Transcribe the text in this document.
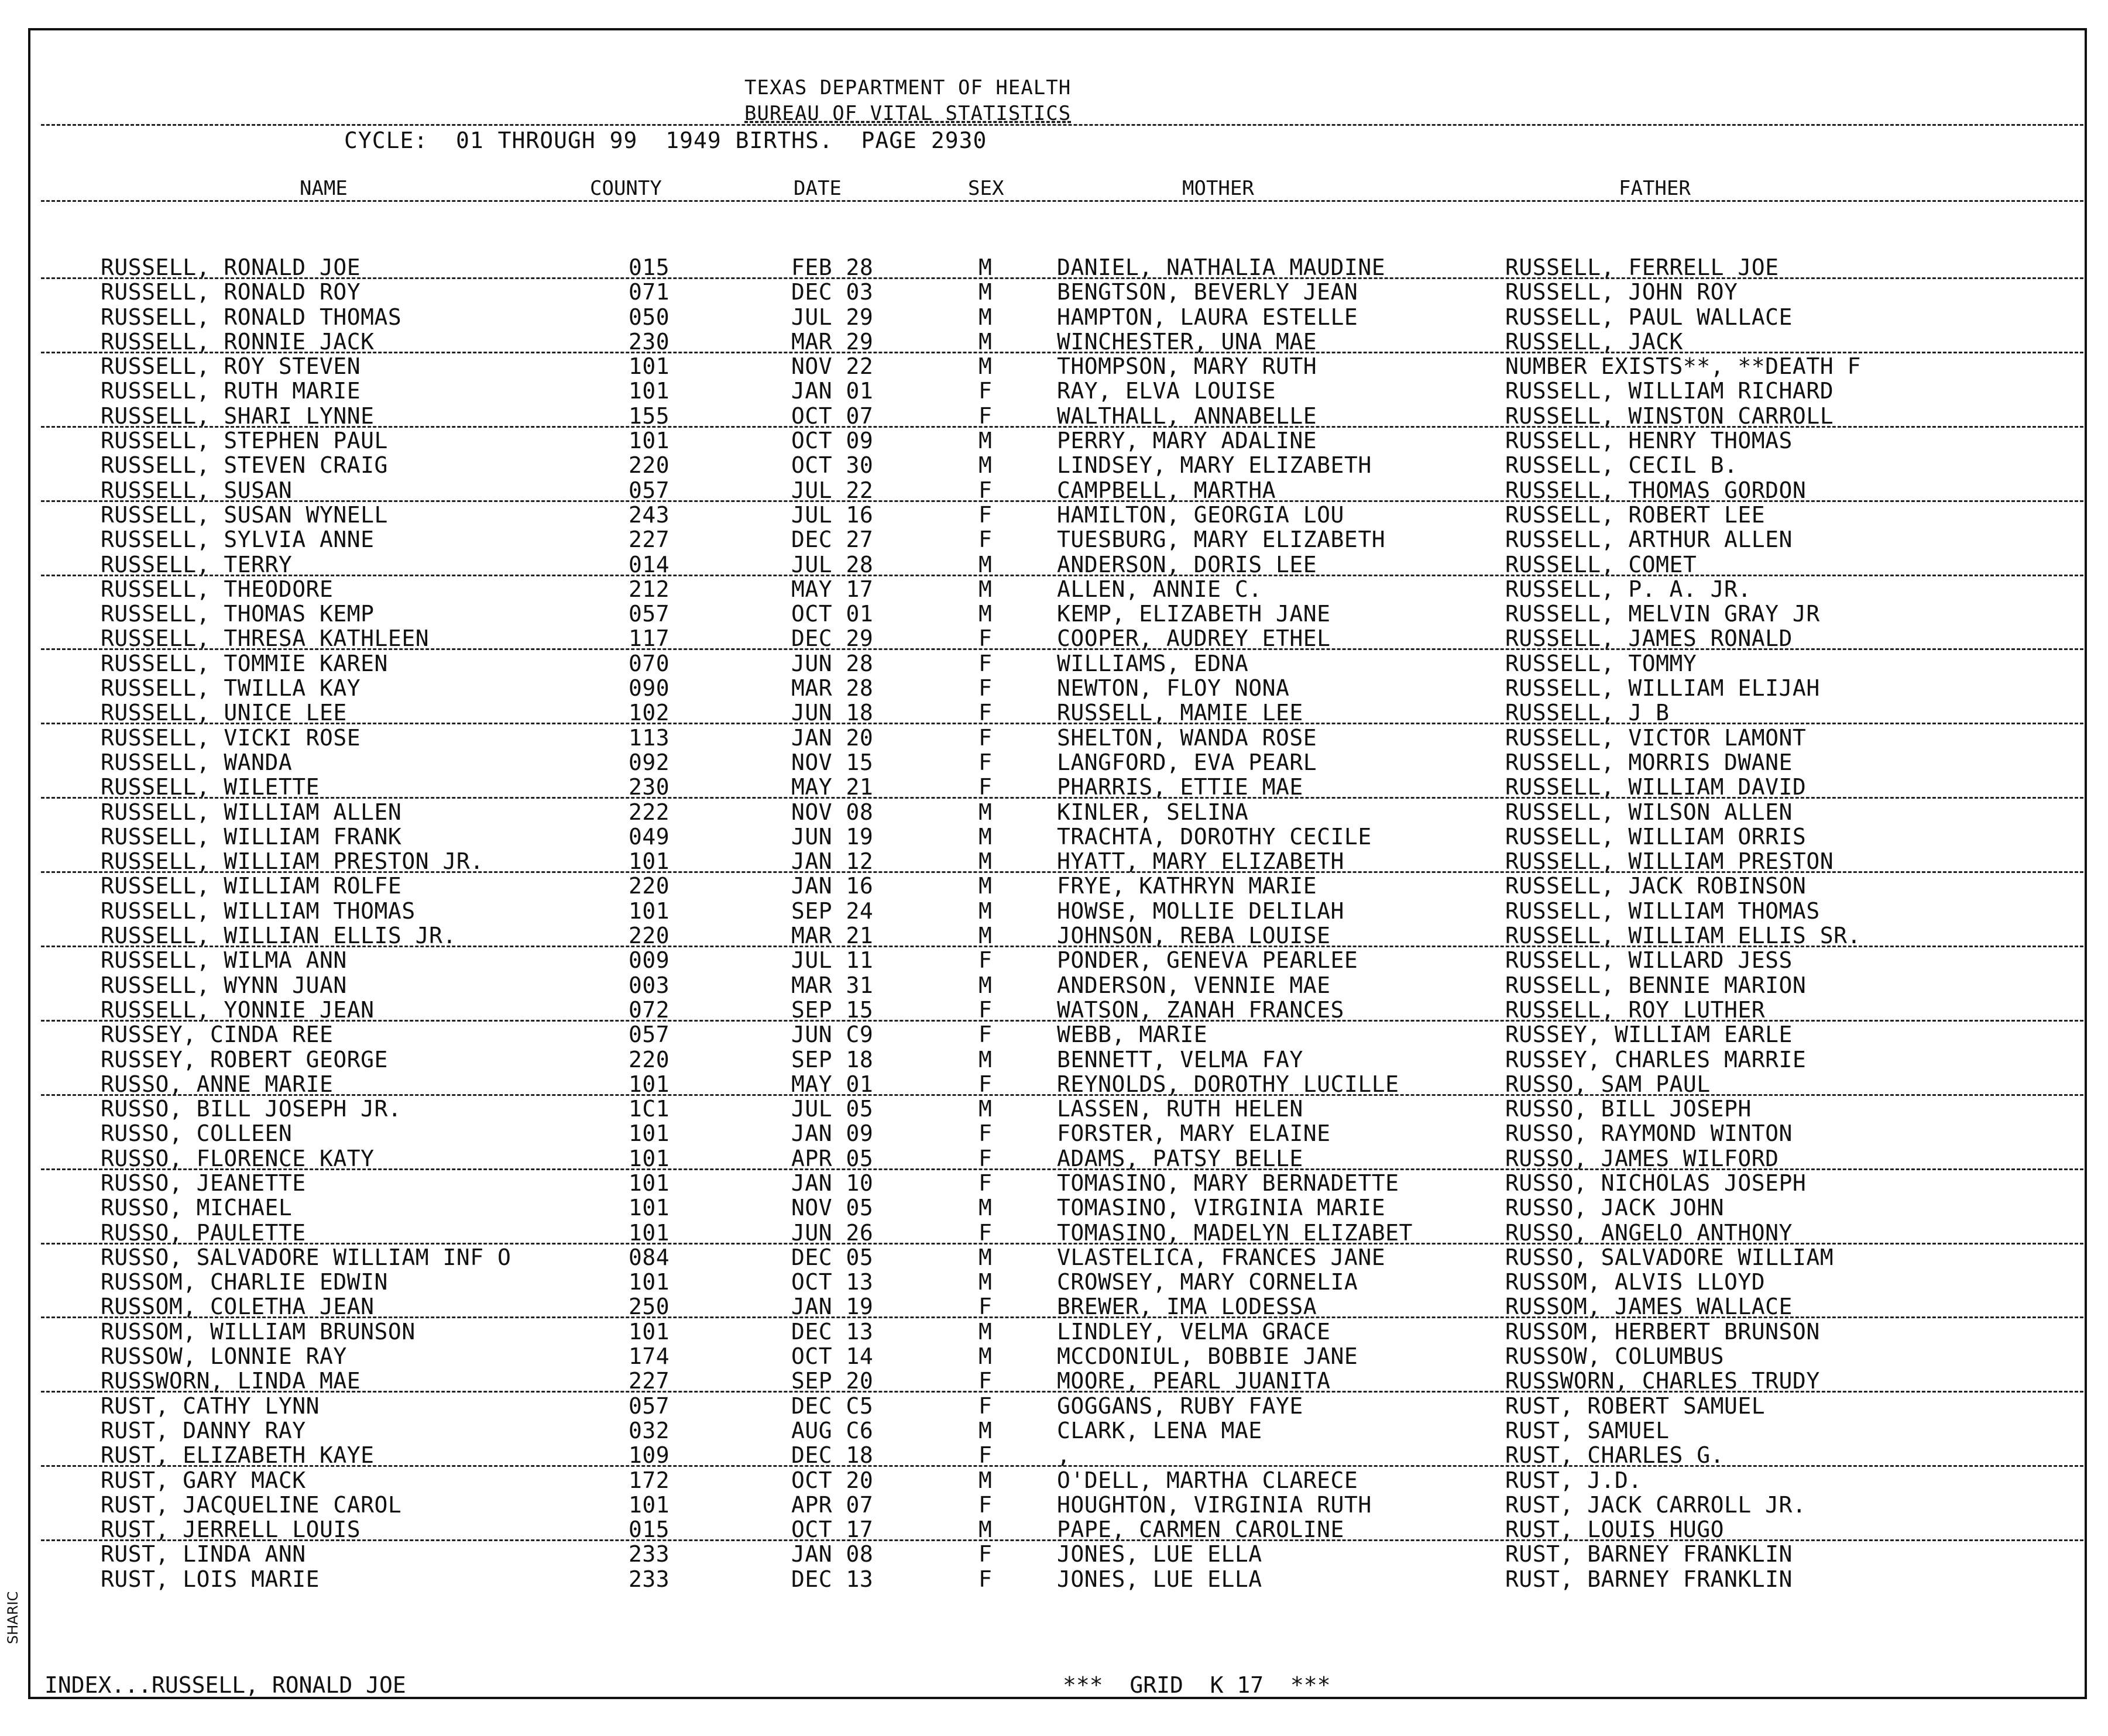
TEXAS DEPARTMENT OF HEALTH
BUREAU OF VITAL STATISTICS
CYCLE:  01 THROUGH 99  1949 BIRTHS.  PAGE 2930
NAME	COUNTY	DATE	SEX	MOTHER	FATHER
RUSSELL, RONALD JOE	015	FEB 28	M	DANIEL, NATHALIA MAUDINE	RUSSELL, FERRELL JOE
RUSSELL, RONALD ROY	071	DEC 03	M	BENGTSON, BEVERLY JEAN	RUSSELL, JOHN ROY
RUSSELL, RONALD THOMAS	050	JUL 29	M	HAMPTON, LAURA ESTELLE	RUSSELL, PAUL WALLACE
RUSSELL, RONNIE JACK	230	MAR 29	M	WINCHESTER, UNA MAE	RUSSELL, JACK
RUSSELL, ROY STEVEN	101	NOV 22	M	THOMPSON, MARY RUTH	NUMBER EXISTS**, **DEATH F
RUSSELL, RUTH MARIE	101	JAN 01	F	RAY, ELVA LOUISE	RUSSELL, WILLIAM RICHARD
RUSSELL, SHARI LYNNE	155	OCT 07	F	WALTHALL, ANNABELLE	RUSSELL, WINSTON CARROLL
RUSSELL, STEPHEN PAUL	101	OCT 09	M	PERRY, MARY ADALINE	RUSSELL, HENRY THOMAS
RUSSELL, STEVEN CRAIG	220	OCT 30	M	LINDSEY, MARY ELIZABETH	RUSSELL, CECIL B.
RUSSELL, SUSAN	057	JUL 22	F	CAMPBELL, MARTHA	RUSSELL, THOMAS GORDON
RUSSELL, SUSAN WYNELL	243	JUL 16	F	HAMILTON, GEORGIA LOU	RUSSELL, ROBERT LEE
RUSSELL, SYLVIA ANNE	227	DEC 27	F	TUESBURG, MARY ELIZABETH	RUSSELL, ARTHUR ALLEN
RUSSELL, TERRY	014	JUL 28	M	ANDERSON, DORIS LEE	RUSSELL, COMET
RUSSELL, THEODORE	212	MAY 17	M	ALLEN, ANNIE C.	RUSSELL, P. A. JR.
RUSSELL, THOMAS KEMP	057	OCT 01	M	KEMP, ELIZABETH JANE	RUSSELL, MELVIN GRAY JR
RUSSELL, THRESA KATHLEEN	117	DEC 29	F	COOPER, AUDREY ETHEL	RUSSELL, JAMES RONALD
RUSSELL, TOMMIE KAREN	070	JUN 28	F	WILLIAMS, EDNA	RUSSELL, TOMMY
RUSSELL, TWILLA KAY	090	MAR 28	F	NEWTON, FLOY NONA	RUSSELL, WILLIAM ELIJAH
RUSSELL, UNICE LEE	102	JUN 18	F	RUSSELL, MAMIE LEE	RUSSELL, J B
RUSSELL, VICKI ROSE	113	JAN 20	F	SHELTON, WANDA ROSE	RUSSELL, VICTOR LAMONT
RUSSELL, WANDA	092	NOV 15	F	LANGFORD, EVA PEARL	RUSSELL, MORRIS DWANE
RUSSELL, WILETTE	230	MAY 21	F	PHARRIS, ETTIE MAE	RUSSELL, WILLIAM DAVID
RUSSELL, WILLIAM ALLEN	222	NOV 08	M	KINLER, SELINA	RUSSELL, WILSON ALLEN
RUSSELL, WILLIAM FRANK	049	JUN 19	M	TRACHTA, DOROTHY CECILE	RUSSELL, WILLIAM ORRIS
RUSSELL, WILLIAM PRESTON JR.	101	JAN 12	M	HYATT, MARY ELIZABETH	RUSSELL, WILLIAM PRESTON
RUSSELL, WILLIAM ROLFE	220	JAN 16	M	FRYE, KATHRYN MARIE	RUSSELL, JACK ROBINSON
RUSSELL, WILLIAM THOMAS	101	SEP 24	M	HOWSE, MOLLIE DELILAH	RUSSELL, WILLIAM THOMAS
RUSSELL, WILLIAN ELLIS JR.	220	MAR 21	M	JOHNSON, REBA LOUISE	RUSSELL, WILLIAM ELLIS SR.
RUSSELL, WILMA ANN	009	JUL 11	F	PONDER, GENEVA PEARLEE	RUSSELL, WILLARD JESS
RUSSELL, WYNN JUAN	003	MAR 31	M	ANDERSON, VENNIE MAE	RUSSELL, BENNIE MARION
RUSSELL, YONNIE JEAN	072	SEP 15	F	WATSON, ZANAH FRANCES	RUSSELL, ROY LUTHER
RUSSEY, CINDA REE	057	JUN C9	F	WEBB, MARIE	RUSSEY, WILLIAM EARLE
RUSSEY, ROBERT GEORGE	220	SEP 18	M	BENNETT, VELMA FAY	RUSSEY, CHARLES MARRIE
RUSSO, ANNE MARIE	101	MAY 01	F	REYNOLDS, DOROTHY LUCILLE	RUSSO, SAM PAUL
RUSSO, BILL JOSEPH JR.	1C1	JUL 05	M	LASSEN, RUTH HELEN	RUSSO, BILL JOSEPH
RUSSO, COLLEEN	101	JAN 09	F	FORSTER, MARY ELAINE	RUSSO, RAYMOND WINTON
RUSSO, FLORENCE KATY	101	APR 05	F	ADAMS, PATSY BELLE	RUSSO, JAMES WILFORD
RUSSO, JEANETTE	101	JAN 10	F	TOMASINO, MARY BERNADETTE	RUSSO, NICHOLAS JOSEPH
RUSSO, MICHAEL	101	NOV 05	M	TOMASINO, VIRGINIA MARIE	RUSSO, JACK JOHN
RUSSO, PAULETTE	101	JUN 26	F	TOMASINO, MADELYN ELIZABET	RUSSO, ANGELO ANTHONY
RUSSO, SALVADORE WILLIAM INF O	084	DEC 05	M	VLASTELICA, FRANCES JANE	RUSSO, SALVADORE WILLIAM
RUSSOM, CHARLIE EDWIN	101	OCT 13	M	CROWSEY, MARY CORNELIA	RUSSOM, ALVIS LLOYD
RUSSOM, COLETHA JEAN	250	JAN 19	F	BREWER, IMA LODESSA	RUSSOM, JAMES WALLACE
RUSSOM, WILLIAM BRUNSON	101	DEC 13	M	LINDLEY, VELMA GRACE	RUSSOM, HERBERT BRUNSON
RUSSOW, LONNIE RAY	174	OCT 14	M	MCCDONIUL, BOBBIE JANE	RUSSOW, COLUMBUS
RUSSWORN, LINDA MAE	227	SEP 20	F	MOORE, PEARL JUANITA	RUSSWORN, CHARLES TRUDY
RUST, CATHY LYNN	057	DEC C5	F	GOGGANS, RUBY FAYE	RUST, ROBERT SAMUEL
RUST, DANNY RAY	032	AUG C6	M	CLARK, LENA MAE	RUST, SAMUEL
RUST, ELIZABETH KAYE	109	DEC 18	F	,	RUST, CHARLES G.
RUST, GARY MACK	172	OCT 20	M	O'DELL, MARTHA CLARECE	RUST, J.D.
RUST, JACQUELINE CAROL	101	APR 07	F	HOUGHTON, VIRGINIA RUTH	RUST, JACK CARROLL JR.
RUST, JERRELL LOUIS	015	OCT 17	M	PAPE, CARMEN CAROLINE	RUST, LOUIS HUGO
RUST, LINDA ANN	233	JAN 08	F	JONES, LUE ELLA	RUST, BARNEY FRANKLIN
RUST, LOIS MARIE	233	DEC 13	F	JONES, LUE ELLA	RUST, BARNEY FRANKLIN
INDEX...RUSSELL, RONALD JOE	***  GRID  K 17  ***
SHARIC
